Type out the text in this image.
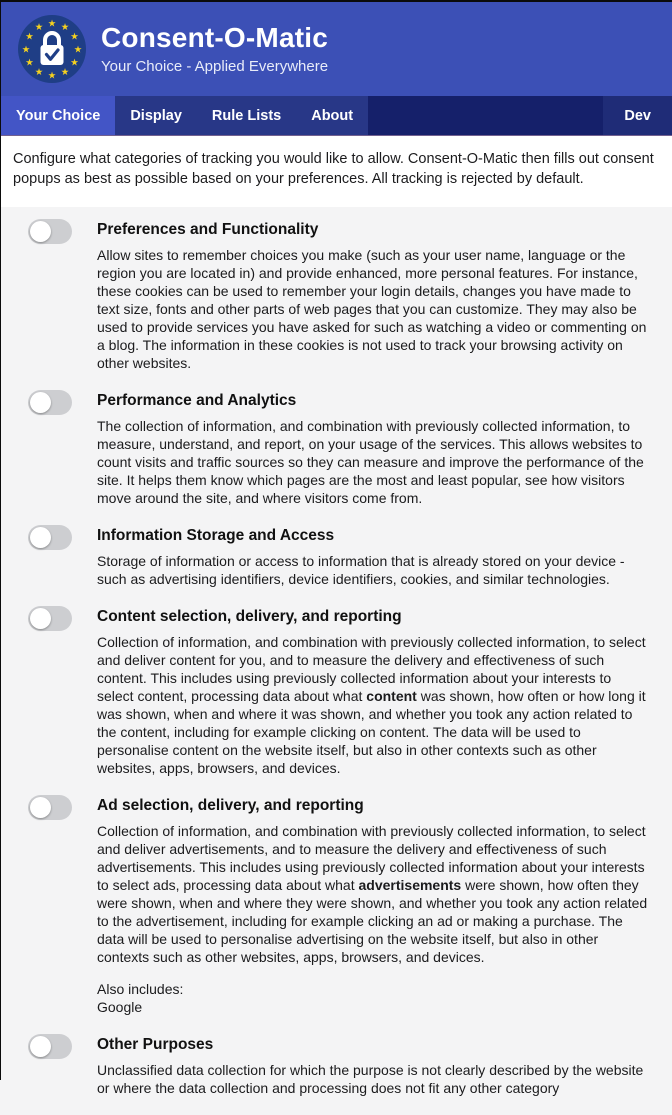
★ ★
★
★
★
★
★
★
★
★
★
★ Consent-O-Matic

Your Choice - Applied Everywhere

Your Choice	Display	Rule Lists	About	Dev
Configure what categories of tracking you would like to allow. Consent-O-Matic then fills out consent popups as best as possible based on your preferences. All tracking is rejected by default.
Preferences and Functionality

Allow sites to remember choices you make (such as your user name, language or the region you are located in) and provide enhanced, more personal features. For instance, these cookies can be used to remember your login details, changes you have made to text size, fonts and other parts of web pages that you can customize. They may also be used to provide services you have asked for such as watching a video or commenting on a blog. The information in these cookies is not used to track your browsing activity on other websites.

Performance and Analytics

The collection of information, and combination with previously collected information, to measure, understand, and report, on your usage of the services. This allows websites to count visits and traffic sources so they can measure and improve the performance of the site. It helps them know which pages are the most and least popular, see how visitors move around the site, and where visitors come from.

Information Storage and Access

Storage of information or access to information that is already stored on your device - such as advertising identifiers, device identifiers, cookies, and similar technologies.

Content selection, delivery, and reporting

Collection of information, and combination with previously collected information, to select and deliver content for you, and to measure the delivery and effectiveness of such content. This includes using previously collected information about your interests to select content, processing data about what content was shown, how often or how long it was shown, when and where it was shown, and whether you took any action related to the content, including for example clicking on content. The data will be used to personalise content on the website itself, but also in other contexts such as other websites, apps, browsers, and devices.

Ad selection, delivery, and reporting

Collection of information, and combination with previously collected information, to select and deliver advertisements, and to measure the delivery and effectiveness of such advertisements. This includes using previously collected information about your interests to select ads, processing data about what advertisements were shown, how often they were shown, when and where they were shown, and whether you took any action related to the advertisement, including for example clicking an ad or making a purchase. The data will be used to personalise advertising on the website itself, but also in other contexts such as other websites, apps, browsers, and devices.

Also includes:
Google
Other Purposes

Unclassified data collection for which the purpose is not clearly described by the website or where the data collection and processing does not fit any other category
